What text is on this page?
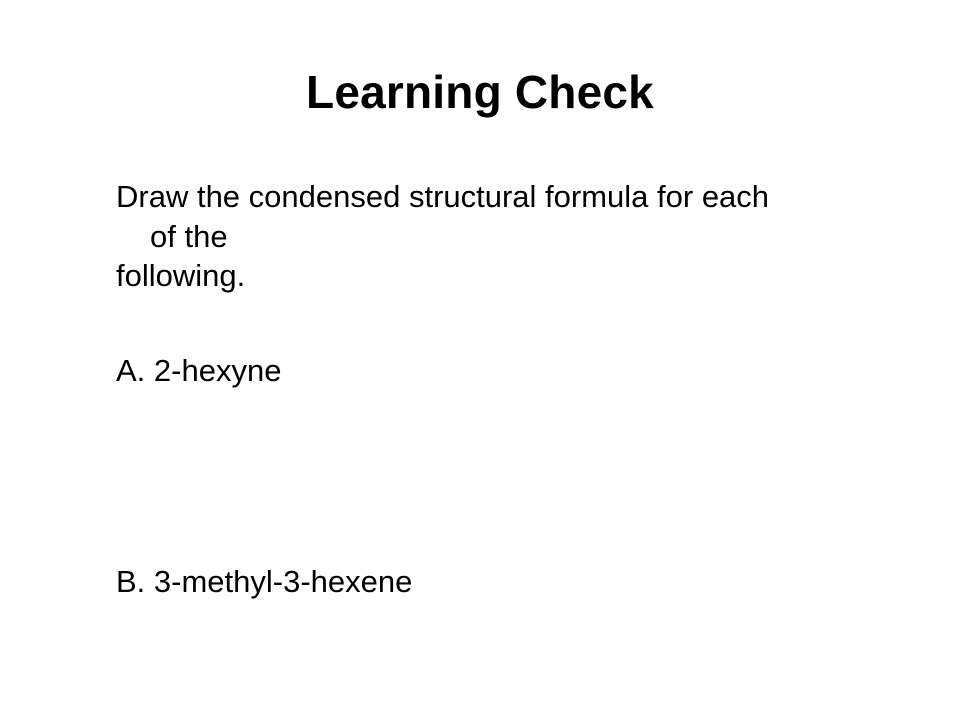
Learning Check
Draw the condensed structural formula for each
of the
following.
A. 2-hexyne
B. 3-methyl-3-hexene
